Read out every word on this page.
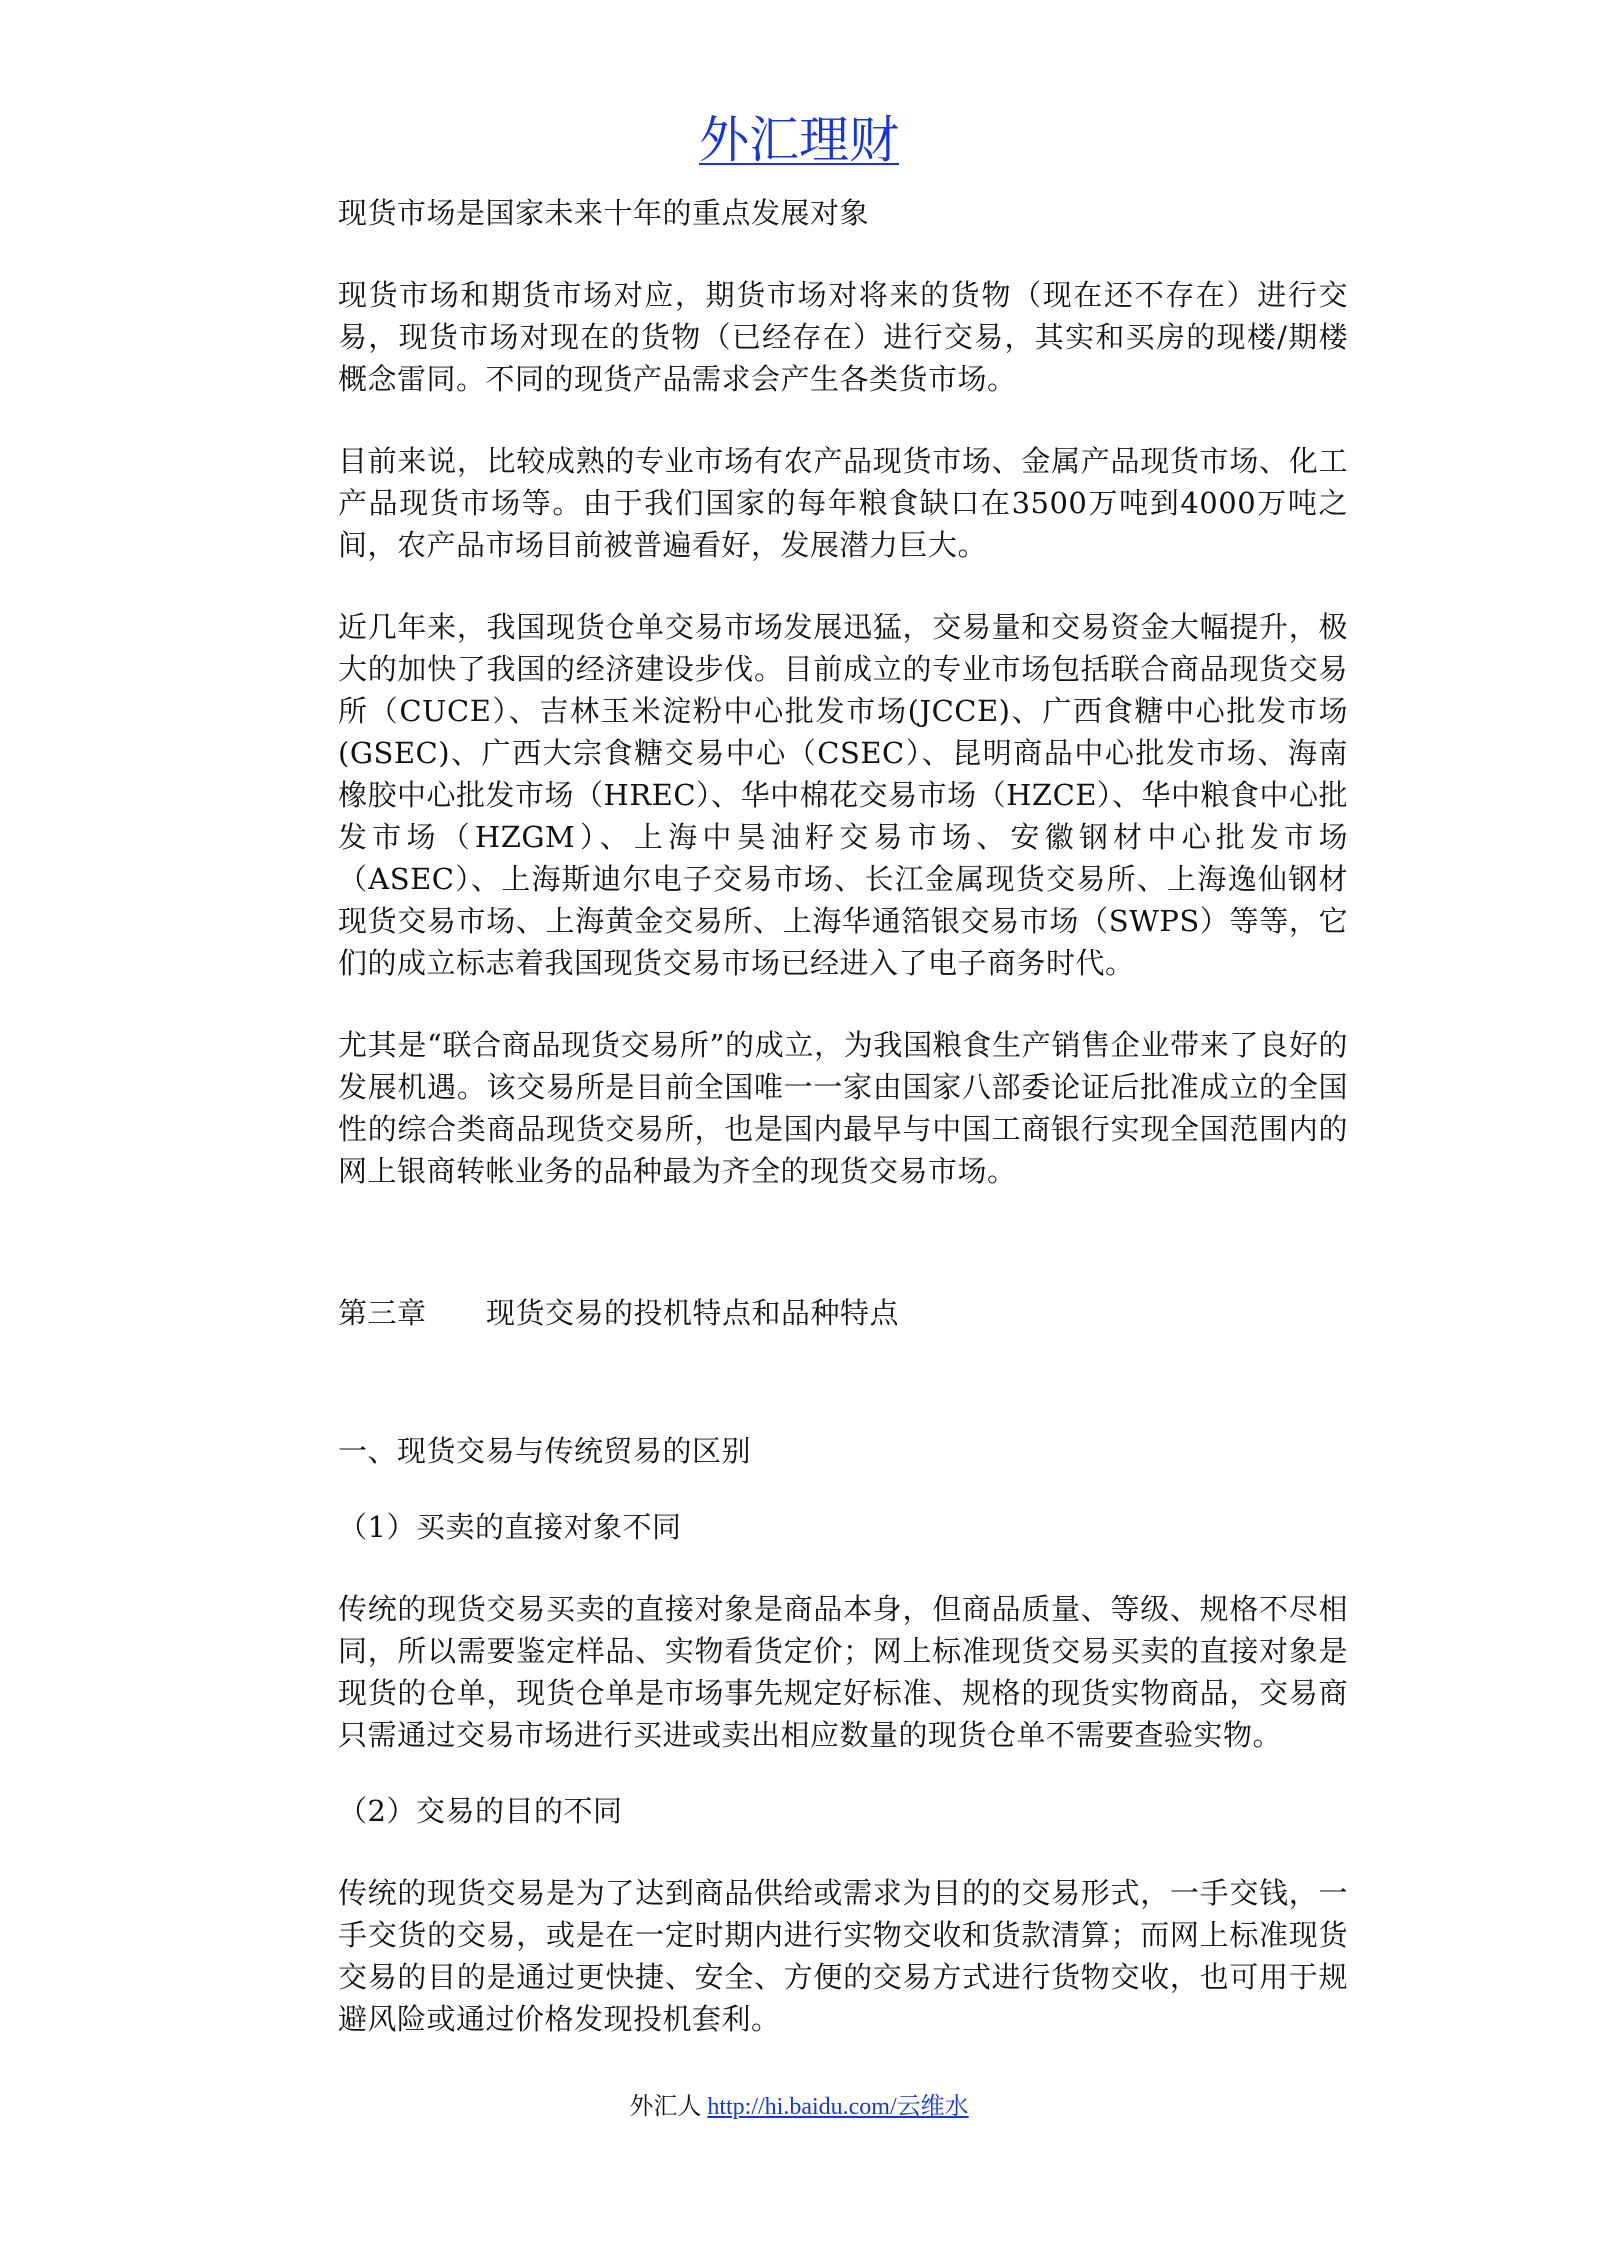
外汇理财

现货市场是国家未来十年的重点发展对象

现货市场和期货市场对应，期货市场对将来的货物（现在还不存在）进行交易，现货市场对现在的货物（已经存在）进行交易，其实和买房的现楼/期楼概念雷同。不同的现货产品需求会产生各类货市场。

目前来说，比较成熟的专业市场有农产品现货市场、金属产品现货市场、化工产品现货市场等。由于我们国家的每年粮食缺口在3500万吨到4000万吨之间，农产品市场目前被普遍看好，发展潜力巨大。

近几年来，我国现货仓单交易市场发展迅猛，交易量和交易资金大幅提升，极大的加快了我国的经济建设步伐。目前成立的专业市场包括联合商品现货交易所（CUCE）、吉林玉米淀粉中心批发市场(JCCE)、广西食糖中心批发市场(GSEC)、广西大宗食糖交易中心（CSEC）、昆明商品中心批发市场、海南橡胶中心批发市场（HREC）、华中棉花交易市场（HZCE）、华中粮食中心批发市场（HZGM）、上海中昊油籽交易市场、安徽钢材中心批发市场（ASEC）、上海斯迪尔电子交易市场、长江金属现货交易所、上海逸仙钢材现货交易市场、上海黄金交易所、上海华通箔银交易市场（SWPS）等等，它们的成立标志着我国现货交易市场已经进入了电子商务时代。

尤其是“联合商品现货交易所”的成立，为我国粮食生产销售企业带来了良好的发展机遇。该交易所是目前全国唯一一家由国家八部委论证后批准成立的全国性的综合类商品现货交易所，也是国内最早与中国工商银行实现全国范围内的网上银商转帐业务的品种最为齐全的现货交易市场。

第三章 现货交易的投机特点和品种特点

一、现货交易与传统贸易的区别

（1）买卖的直接对象不同

传统的现货交易买卖的直接对象是商品本身，但商品质量、等级、规格不尽相同，所以需要鉴定样品、实物看货定价；网上标准现货交易买卖的直接对象是现货的仓单，现货仓单是市场事先规定好标准、规格的现货实物商品，交易商只需通过交易市场进行买进或卖出相应数量的现货仓单不需要查验实物。

（2）交易的目的不同

传统的现货交易是为了达到商品供给或需求为目的的交易形式，一手交钱，一手交货的交易，或是在一定时期内进行实物交收和货款清算；而网上标准现货交易的目的是通过更快捷、安全、方便的交易方式进行货物交收，也可用于规避风险或通过价格发现投机套利。

外汇人 http://hi.baidu.com/云维水
